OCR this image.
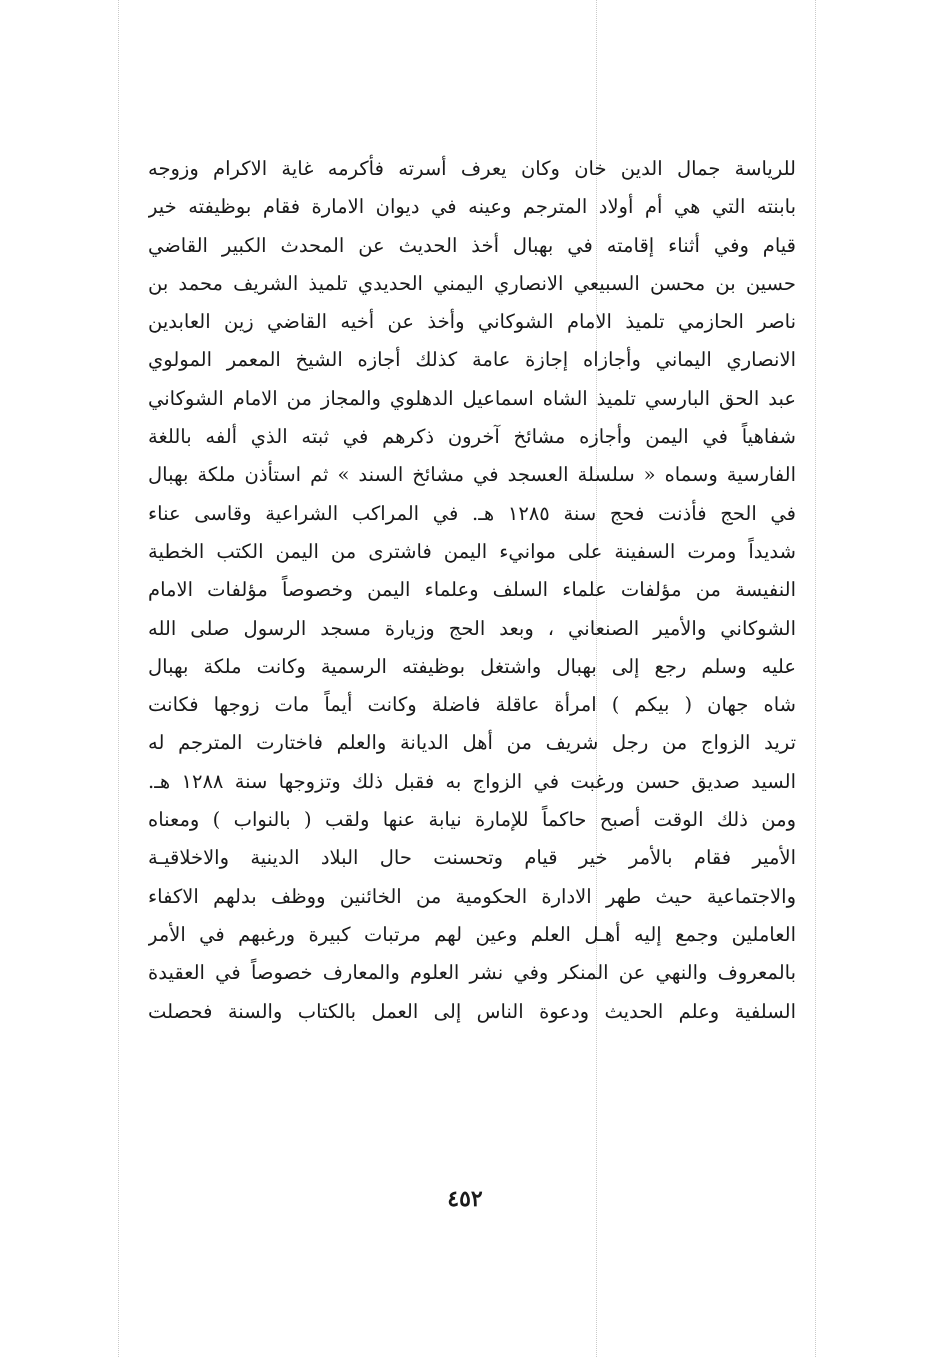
للرياسة جمال الدين خان وكان يعرف أسرته فأكرمه غاية الاكرام وزوجه
بابنته التي هي أم أولاد المترجم وعينه في ديوان الامارة فقام بوظيفته خير
قيام وفي أثناء إقامته في بهبال أخذ الحديث عن المحدث الكبير القاضي
حسين بن محسن السبيعي الانصاري اليمني الحديدي تلميذ الشريف محمد بن
ناصر الحازمي تلميذ الامام الشوكاني وأخذ عن أخيه القاضي زين العابدين
الانصاري اليماني وأجازاه إجازة عامة كذلك أجازه الشيخ المعمر المولوي
عبد الحق البارسي تلميذ الشاه اسماعيل الدهلوي والمجاز من الامام الشوكاني
شفاهياً في اليمن وأجازه مشائخ آخرون ذكرهم في ثبته الذي ألفه باللغة
الفارسية وسماه « سلسلة العسجد في مشائخ السند » ثم استأذن ملكة بهبال
في الحج فأذنت فحج سنة ١٢٨٥ هـ. في المراكب الشراعية وقاسى عناء
شديداً ومرت السفينة على موانيء اليمن فاشترى من اليمن الكتب الخطية
النفيسة من مؤلفات علماء السلف وعلماء اليمن وخصوصاً مؤلفات الامام
الشوكاني والأمير الصنعاني ، وبعد الحج وزيارة مسجد الرسول صلى الله
عليه وسلم رجع إلى بهبال واشتغل بوظيفته الرسمية وكانت ملكة بهبال
شاه جهان ( بيكم ) امرأة عاقلة فاضلة وكانت أيماً مات زوجها فكانت
تريد الزواج من رجل شريف من أهل الديانة والعلم فاختارت المترجم له
السيد صديق حسن ورغبت في الزواج به فقبل ذلك وتزوجها سنة ١٢٨٨ هـ.
ومن ذلك الوقت أصبح حاكماً للإمارة نيابة عنها ولقب ( بالنواب ) ومعناه
الأمير فقام بالأمر خير قيام وتحسنت حال البلاد الدينية والاخلاقيـة
والاجتماعية حيث طهر الادارة الحكومية من الخائنين ووظف بدلهم الاكفاء
العاملين وجمع إليه أهـل العلم وعين لهم مرتبات كبيرة ورغبهم في الأمر
بالمعروف والنهي عن المنكر وفي نشر العلوم والمعارف خصوصاً في العقيدة
السلفية وعلم الحديث ودعوة الناس إلى العمل بالكتاب والسنة فحصلت
٤٥٢
